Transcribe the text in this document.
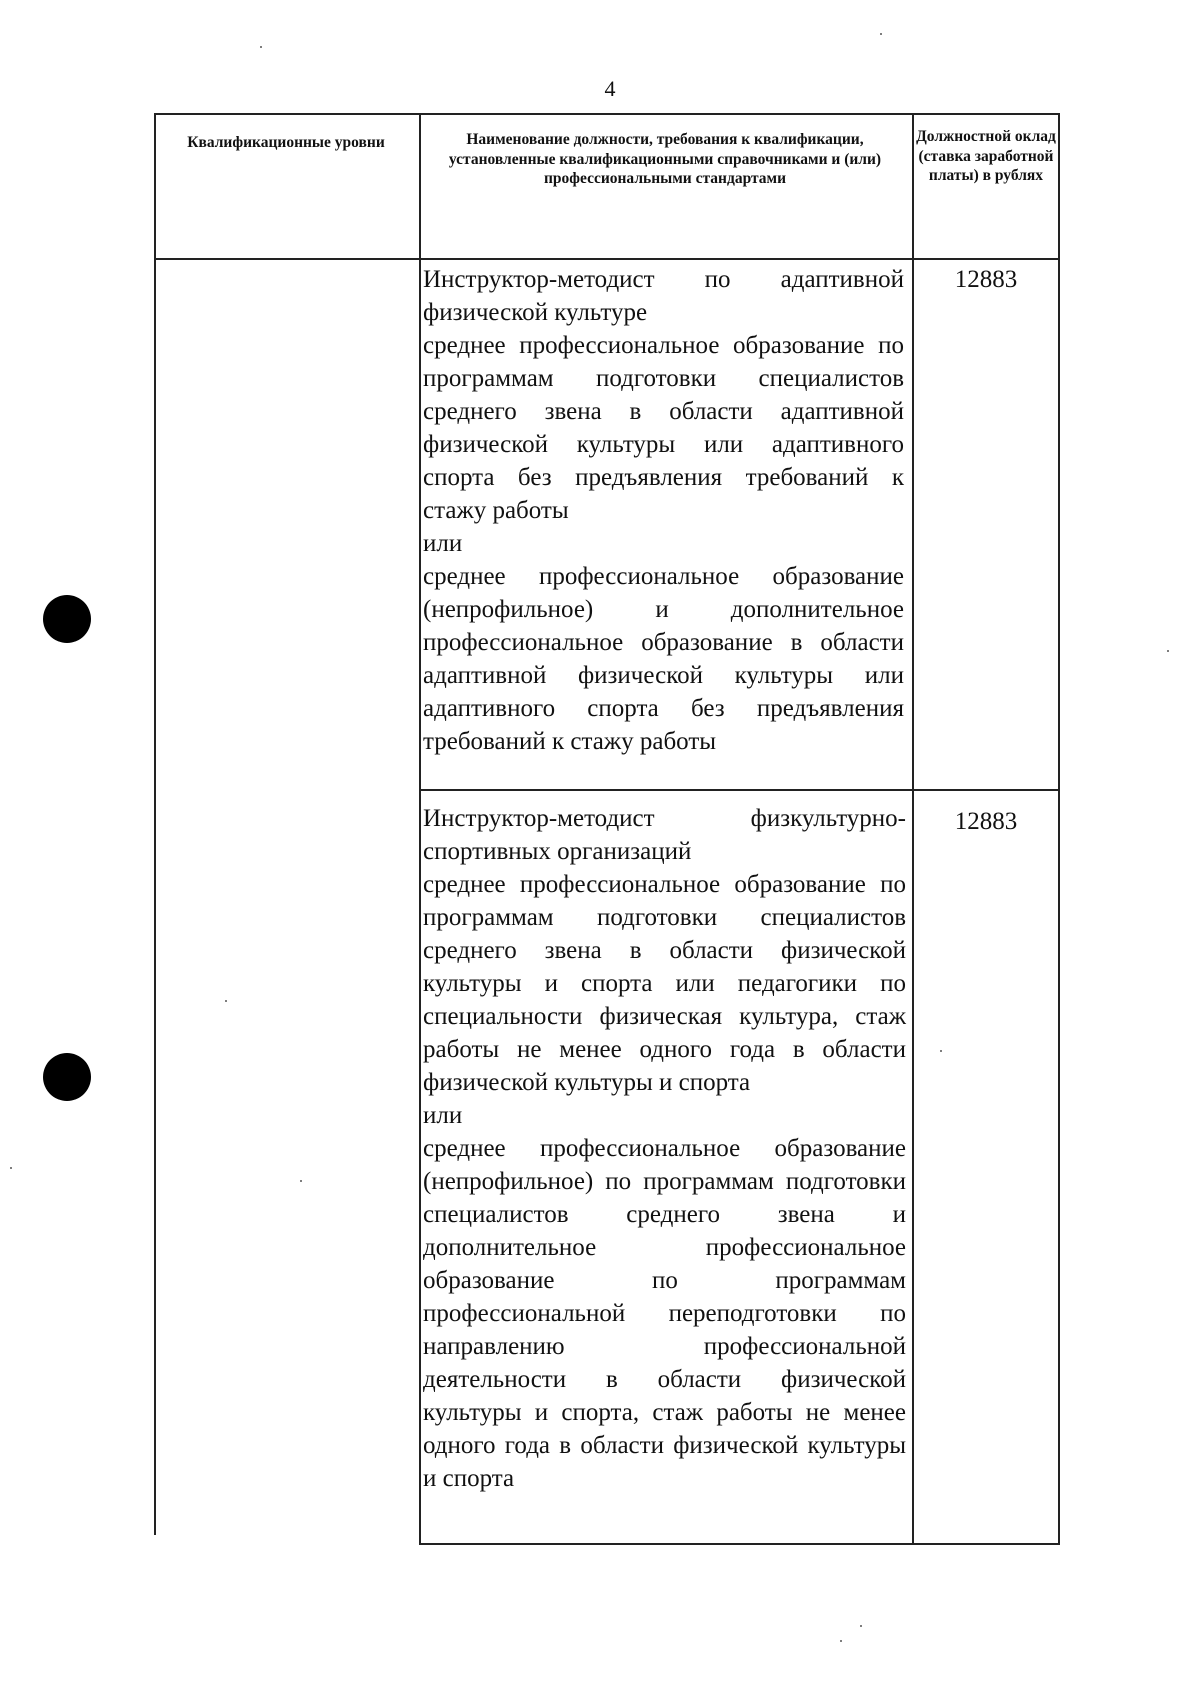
4
Квалификационные уровни	Наименование должности, требования к квалификации, установленные квалификационными справочниками и (или) профессиональными стандартами
Должностной оклад (ставка заработной платы) в рублях

Инструктор-методист по адаптивной физической культуре

среднее профессиональное образование по программам подготовки специалистов среднего звена в области адаптивной физической культуры или адаптивного спорта без предъявления требований к стажу работы

или

среднее профессиональное образование (непрофильное) и дополнительное профессиональное образование в области адаптивной физической культуры или адаптивного спорта без предъявления требований к стажу работы

12883

Инструктор-методист физкультурно-спортивных организаций

среднее профессиональное образование по программам подготовки специалистов среднего звена в области физической культуры и спорта или педагогики по специальности физическая культура, стаж работы не менее одного года в области физической культуры и спорта

или

среднее профессиональное образование (непрофильное) по программам подготовки специалистов среднего звена и дополнительное профессиональное образование по программам профессиональной переподготовки по направлению профессиональной деятельности в области физической культуры и спорта, стаж работы не менее одного года в области физической культуры и спорта

12883
